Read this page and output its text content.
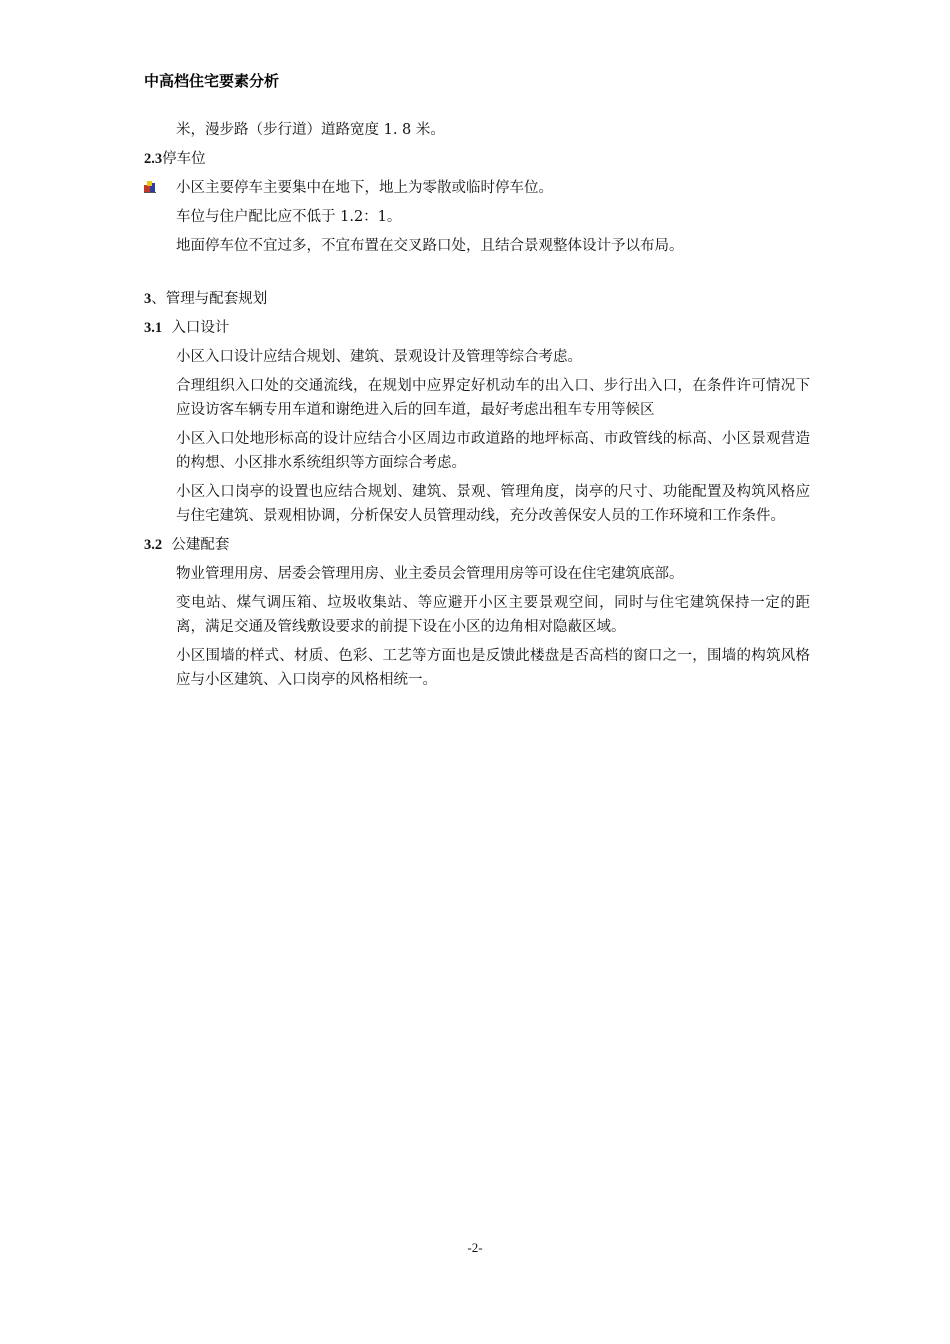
中高档住宅要素分析

米，漫步路（步行道）道路宽度 1. 8 米。

2.3停车位

小区主要停车主要集中在地下，地上为零散或临时停车位。

车位与住户配比应不低于 1.2：1。

地面停车位不宜过多，不宜布置在交叉路口处，且结合景观整体设计予以布局。

3、管理与配套规划

3.1 入口设计

小区入口设计应结合规划、建筑、景观设计及管理等综合考虑。

合理组织入口处的交通流线，在规划中应界定好机动车的出入口、步行出入口，在条件许可情况下应设访客车辆专用车道和谢绝进入后的回车道，最好考虑出租车专用等候区

小区入口处地形标高的设计应结合小区周边市政道路的地坪标高、市政管线的标高、小区景观营造的构想、小区排水系统组织等方面综合考虑。

小区入口岗亭的设置也应结合规划、建筑、景观、管理角度，岗亭的尺寸、功能配置及构筑风格应与住宅建筑、景观相协调，分析保安人员管理动线，充分改善保安人员的工作环境和工作条件。

3.2 公建配套

物业管理用房、居委会管理用房、业主委员会管理用房等可设在住宅建筑底部。

变电站、煤气调压箱、垃圾收集站、等应避开小区主要景观空间，同时与住宅建筑保持一定的距离，满足交通及管线敷设要求的前提下设在小区的边角相对隐蔽区域。

小区围墙的样式、材质、色彩、工艺等方面也是反馈此楼盘是否高档的窗口之一，围墙的构筑风格应与小区建筑、入口岗亭的风格相统一。

-2-
